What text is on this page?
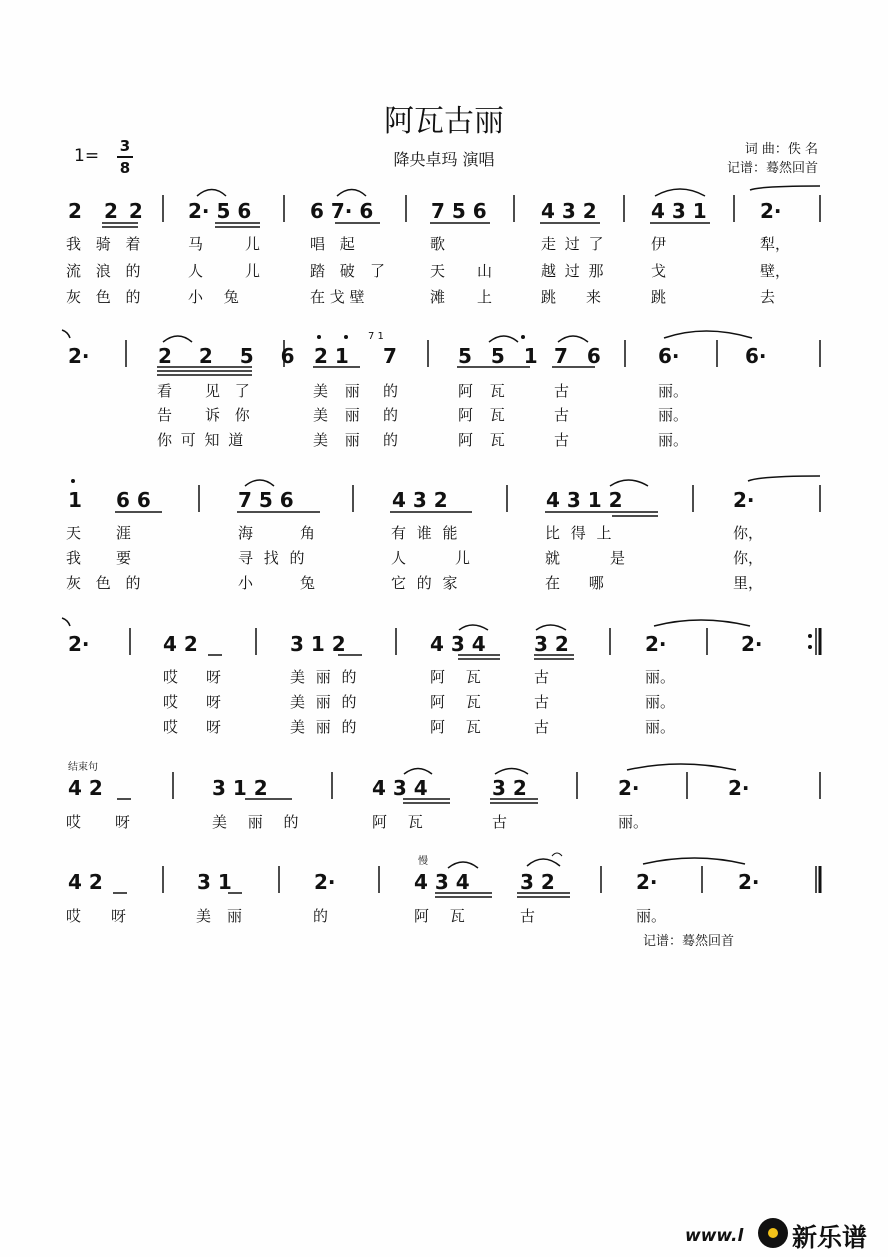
阿瓦古丽
1= 3
8	降央卓玛 演唱
词 曲：佚 名
记谱：蓦然回首
2 2 2 2· 5 6	6 7· 6	7 5 6	4 3 2	4 3 1	2·
我 骑 着	马	儿	唱 起	歌	走 过 了	伊	犁，
流 浪 的	人	儿	踏 破 了	天 山	越 过 那	戈	壁，
灰 色 的	小 兔	在 戈 壁	滩 上	跳 来	跳	去
2·	2 2 5 6 2 1
7 1
7	5 5 1 7 6	6·	6·
看 见 了	美 丽 的	阿 瓦	古	丽。
告 诉 你	美 丽 的	阿 瓦	古	丽。
你 可 知 道	美 丽 的	阿 瓦	古	丽。
1 6 6	7 5 6	4 3 2	4 3 1 2	2·
天 涯	海	角	有 谁 能	比 得 上	你，
我 要	寻 找 的	人	儿	就	是	你，
灰 色 的	小	兔	它 的 家	在 哪	里，
2·	4 2	3 1 2	4 3 4 3 2	2·	2·
哎 呀	美 丽 的	阿 瓦	古	丽。
哎 呀	美 丽 的	阿 瓦	古	丽。
哎 呀	美 丽 的	阿 瓦	古	丽。
结束句
4 2	3 1 2	4 3 4	3 2	2·	2·
哎 呀	美 丽 的	阿 瓦	古	丽。
慢
4 2	3 1	2·	4 3 4	3 2	2·	2·
哎 呀	美 丽	的	阿 瓦	古	丽。
记谱：蓦然回首
www.l 新乐谱
